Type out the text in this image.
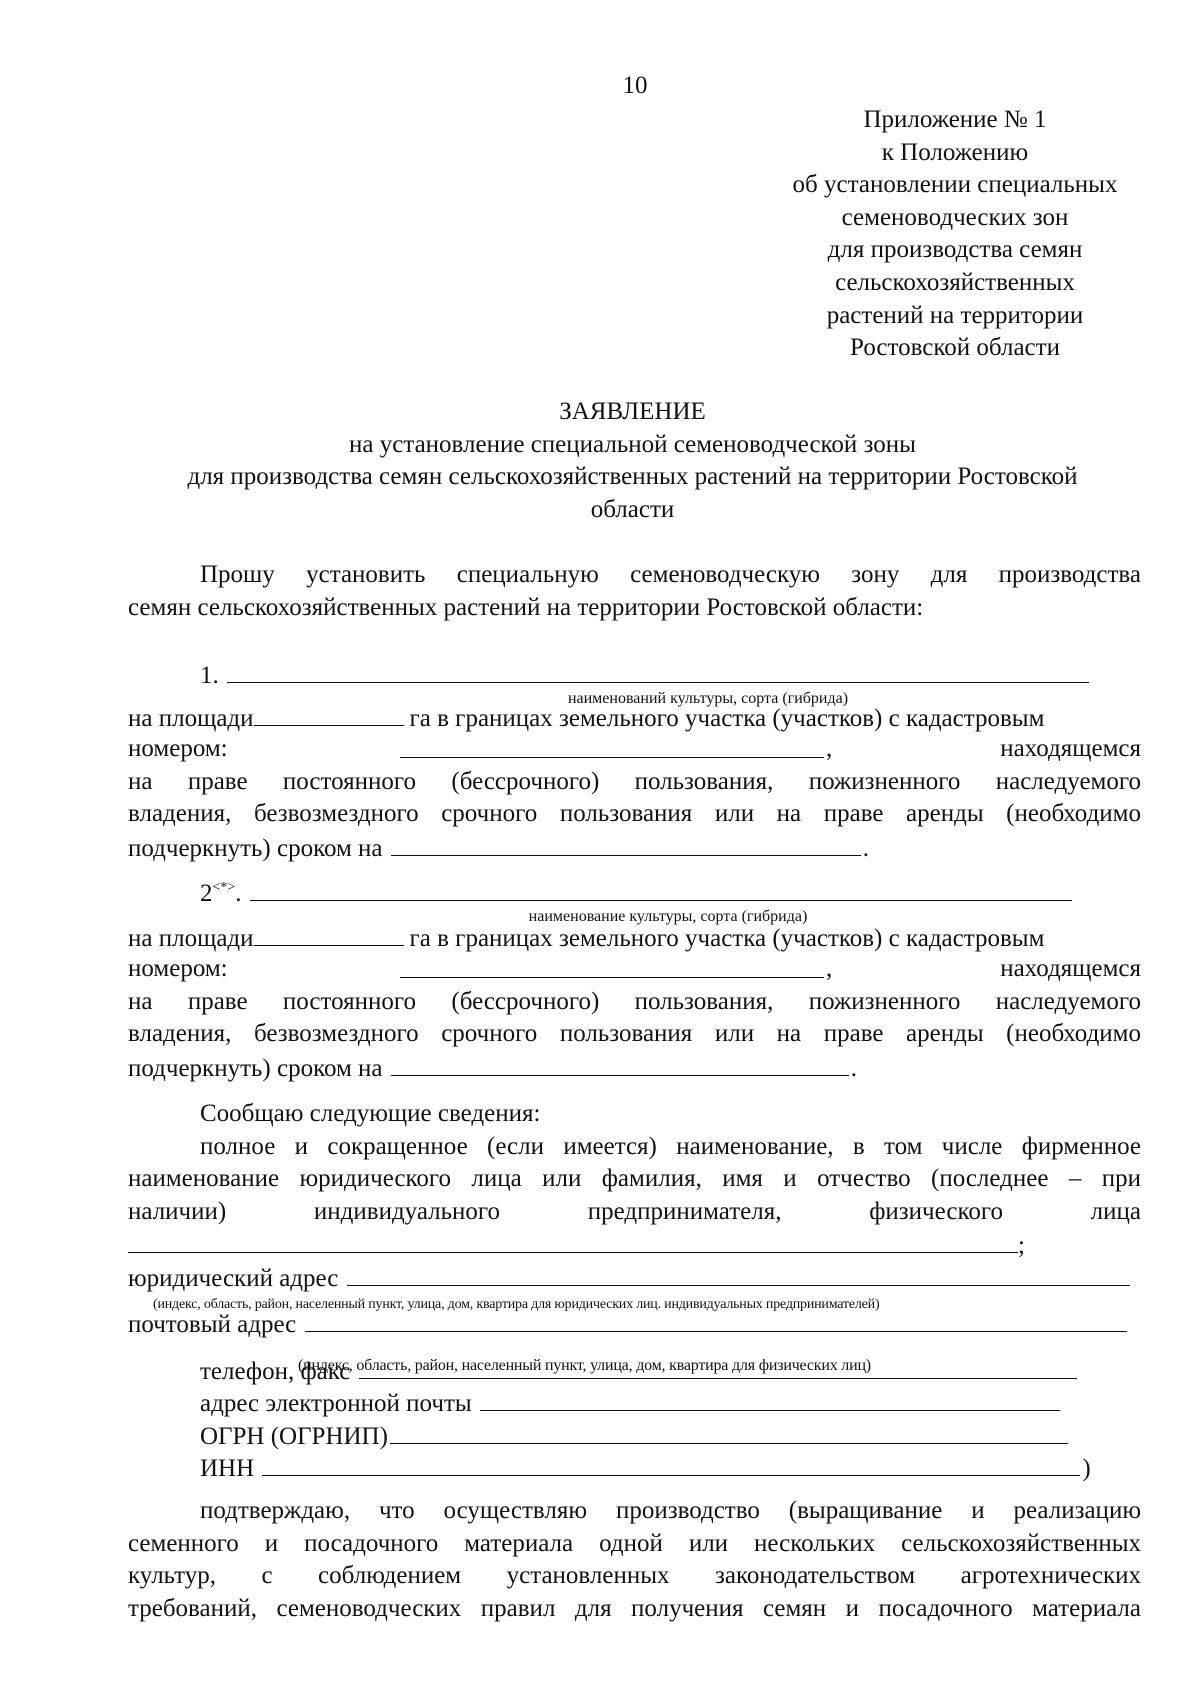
10
Приложение № 1
к Положению
об установлении специальных
семеноводческих зон
для производства семян
сельскохозяйственных
растений на территории
Ростовской области
ЗАЯВЛЕНИЕ
на установление специальной семеноводческой зоны
для производства семян сельскохозяйственных растений на территории Ростовской
области
Прошу установить специальную семеноводческую зону для производства
семян сельскохозяйственных растений на территории Ростовской области:
1.
наименований культуры, сорта (гибрида)
на площади	га в границах земельного участка (участков) с кадастровым
номером:	,	находящемся
на праве постоянного (бессрочного) пользования, пожизненного наследуемого
владения, безвозмездного срочного пользования или на праве аренды (необходимо
подчеркнуть) сроком на	.
2<*>.
наименование культуры, сорта (гибрида)
на площади	га в границах земельного участка (участков) с кадастровым
номером:	,	находящемся
на праве постоянного (бессрочного) пользования, пожизненного наследуемого
владения, безвозмездного срочного пользования или на праве аренды (необходимо
подчеркнуть) сроком на	.
Сообщаю следующие сведения:
полное и сокращенное (если имеется) наименование, в том числе фирменное
наименование юридического лица или фамилия, имя и отчество (последнее – при
наличии) индивидуального предпринимателя, физического лица
;
юридический адрес
(индекс, область, район, населенный пункт, улица, дом, квартира для юридических лиц. индивидуальных предпринимателей)
почтовый адрес
(индекс, область, район, населенный пункт, улица, дом, квартира для физических лиц)
телефон, факс
адрес электронной почты
ОГРН (ОГРНИП)
ИНН	)
подтверждаю, что осуществляю производство (выращивание и реализацию
семенного и посадочного материала одной или нескольких сельскохозяйственных
культур, с соблюдением установленных законодательством агротехнических
требований, семеноводческих правил для получения семян и посадочного материала
